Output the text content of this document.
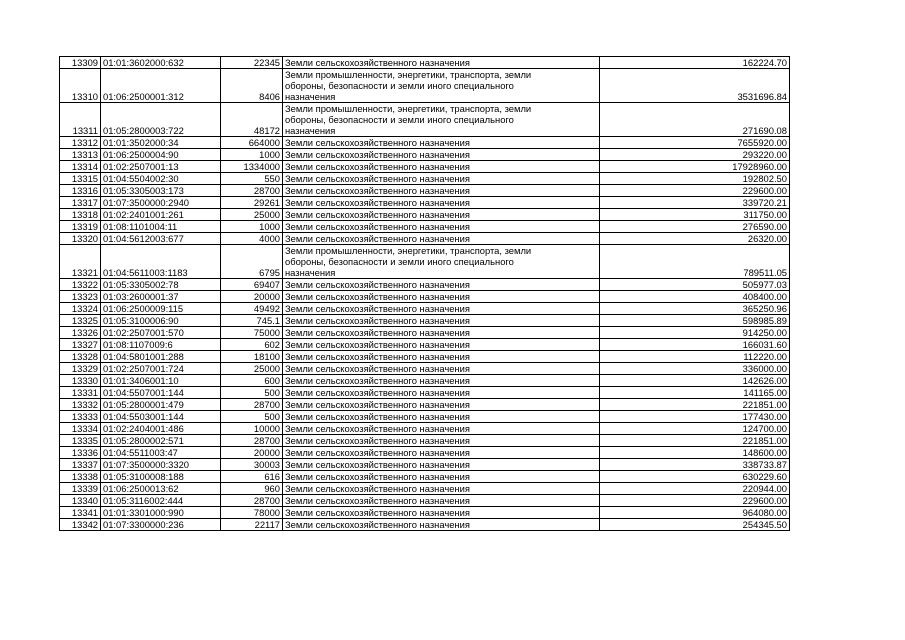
13309	01:01:3602000:632	22345	Земли сельскохозяйственного назначения	162224.70
13310	01:06:2500001:312	8406	Земли промышленности, энергетики, транспорта, земли
обороны, безопасности и земли иного специального
назначения	3531696.84
13311	01:05:2800003:722	48172	Земли промышленности, энергетики, транспорта, земли
обороны, безопасности и земли иного специального
назначения	271690.08
13312	01:01:3502000:34	664000	Земли сельскохозяйственного назначения	7655920.00
13313	01:06:2500004:90	1000	Земли сельскохозяйственного назначения	293220.00
13314	01:02:2507001:13	1334000	Земли сельскохозяйственного назначения	17928960.00
13315	01:04:5504002:30	550	Земли сельскохозяйственного назначения	192802.50
13316	01:05:3305003:173	28700	Земли сельскохозяйственного назначения	229600.00
13317	01:07:3500000:2940	29261	Земли сельскохозяйственного назначения	339720.21
13318	01:02:2401001:261	25000	Земли сельскохозяйственного назначения	311750.00
13319	01:08:1101004:11	1000	Земли сельскохозяйственного назначения	276590.00
13320	01:04:5612003:677	4000	Земли сельскохозяйственного назначения	26320.00
13321	01:04:5611003:1183	6795	Земли промышленности, энергетики, транспорта, земли
обороны, безопасности и земли иного специального
назначения	789511.05
13322	01:05:3305002:78	69407	Земли сельскохозяйственного назначения	505977.03
13323	01:03:2600001:37	20000	Земли сельскохозяйственного назначения	408400.00
13324	01:06:2500009:115	49492	Земли сельскохозяйственного назначения	365250.96
13325	01:05:3100006:90	745.1	Земли сельскохозяйственного назначения	598985.89
13326	01:02:2507001:570	75000	Земли сельскохозяйственного назначения	914250.00
13327	01:08:1107009:6	602	Земли сельскохозяйственного назначения	166031.60
13328	01:04:5801001:288	18100	Земли сельскохозяйственного назначения	112220.00
13329	01:02:2507001:724	25000	Земли сельскохозяйственного назначения	336000.00
13330	01:01:3406001:10	600	Земли сельскохозяйственного назначения	142626.00
13331	01:04:5507001:144	500	Земли сельскохозяйственного назначения	141165.00
13332	01:05:2800001:479	28700	Земли сельскохозяйственного назначения	221851.00
13333	01:04:5503001:144	500	Земли сельскохозяйственного назначения	177430.00
13334	01:02:2404001:486	10000	Земли сельскохозяйственного назначения	124700.00
13335	01:05:2800002:571	28700	Земли сельскохозяйственного назначения	221851.00
13336	01:04:5511003:47	20000	Земли сельскохозяйственного назначения	148600.00
13337	01:07:3500000:3320	30003	Земли сельскохозяйственного назначения	338733.87
13338	01:05:3100008:188	616	Земли сельскохозяйственного назначения	630229.60
13339	01:06:2500013:62	960	Земли сельскохозяйственного назначения	220944.00
13340	01:05:3116002:444	28700	Земли сельскохозяйственного назначения	229600.00
13341	01:01:3301000:990	78000	Земли сельскохозяйственного назначения	964080.00
13342	01:07:3300000:236	22117	Земли сельскохозяйственного назначения	254345.50
